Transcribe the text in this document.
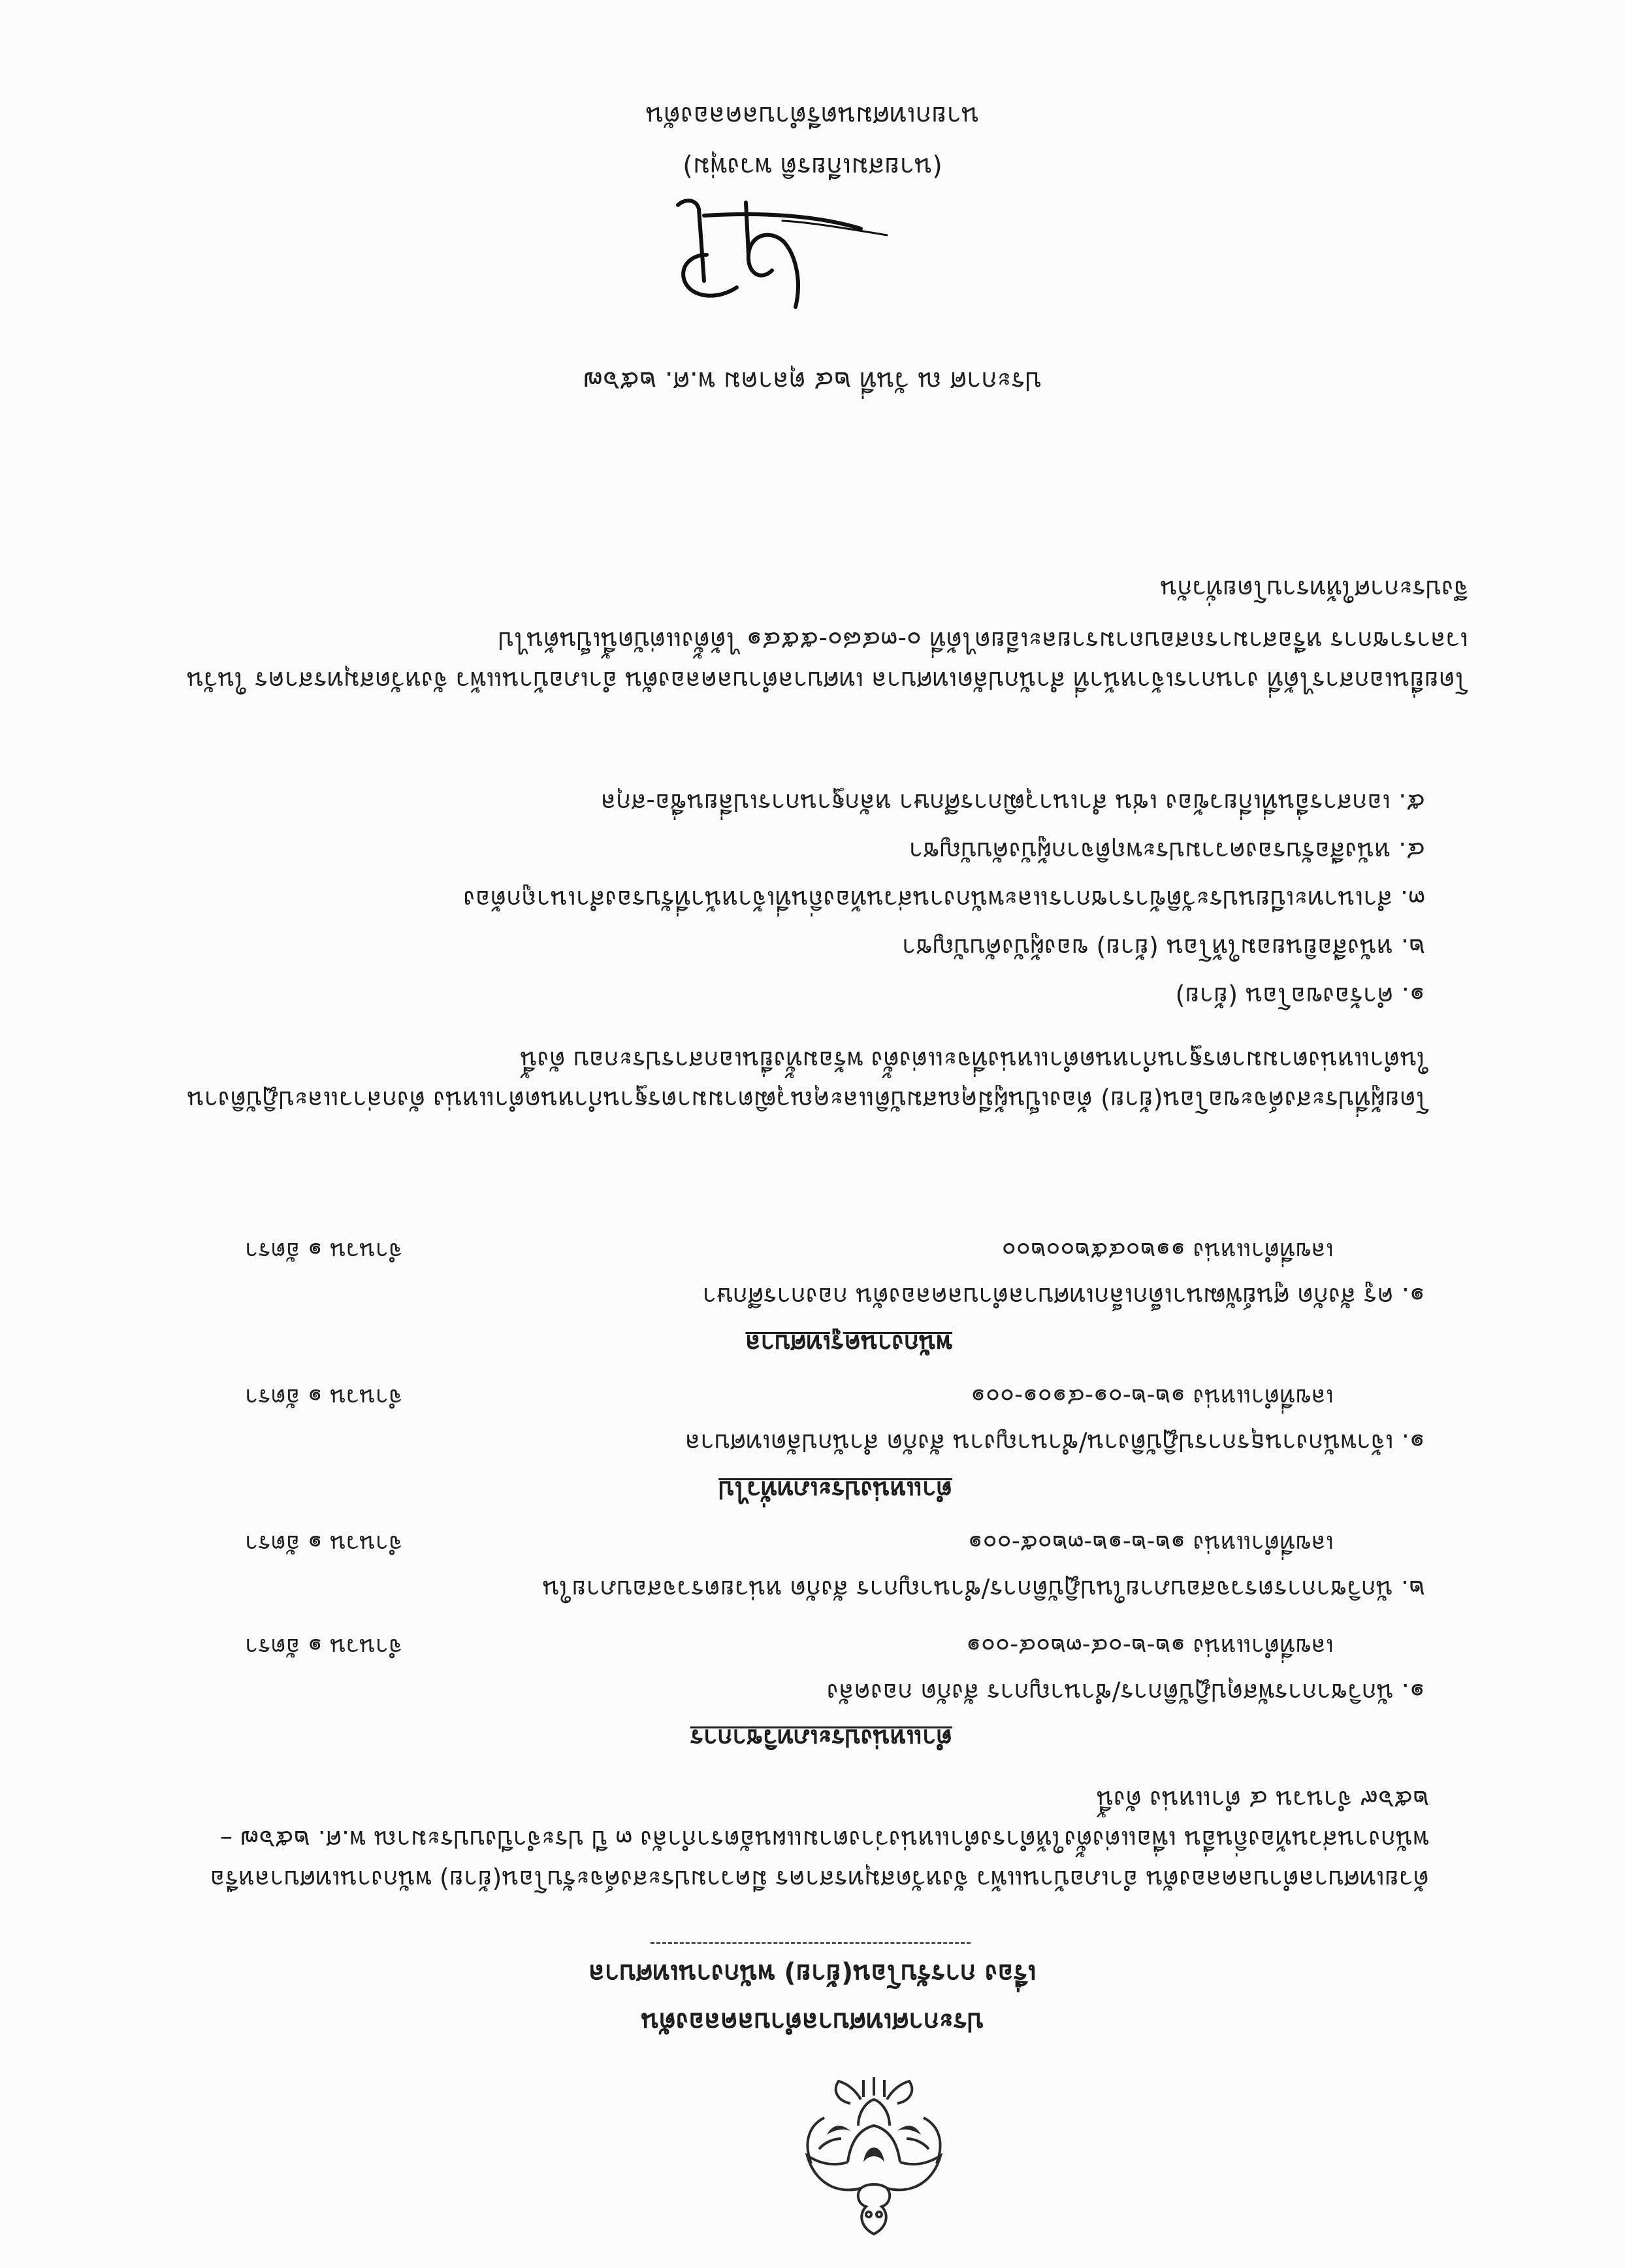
ประกาศเทศบาลตำบลคลองตัน
เรื่อง การรับโอน(ย้าย) พนักงานเทศบาล
ด้วยเทศบาลตำบลคลองตัน อำเภอบ้านแพ้ว จังหวัดสมุทรสาคร มีความประสงค์จะรับโอน(ย้าย) พนักงานเทศบาลหรือพนักงานส่วนท้องถิ่นอื่น เพื่อแต่งตั้งให้ดำรงตำแหน่งว่างตามแผนอัตรากำลัง ๓ ปี ประจำปีงบประมาณ พ.ศ. ๒๕๖๗ – ๒๕๖๙ จำนวน ๔ ตำแหน่ง ดังนี้
ตำแหน่งประเภทวิชาการ
๑. นักวิชาการพัสดุปฏิบัติการ/ชำนาญการ สังกัด กองคลัง
เลขที่ตำแหน่ง ๑๒-๒-๐๔-๓๒๐๔-๐๐๑
จำนวน ๑ อัตรา
๒. นักวิชาการตรวจสอบภายในปฏิบัติการ/ชำนาญการ สังกัด หน่วยตรวจสอบภายใน
เลขที่ตำแหน่ง ๑๒-๒-๑๒-๓๒๐๕-๐๐๑
จำนวน ๑ อัตรา
ตำแหน่งประเภททั่วไป
๑. เจ้าพนักงานธุรการปฏิบัติงาน/ชำนาญงาน สังกัด สำนักปลัดเทศบาล
เลขที่ตำแหน่ง ๑๒-๒-๐๑-๔๑๐๑-๐๐๑
จำนวน ๑ อัตรา
พนักงานครูเทศบาล
๑. ครู สังกัด ศูนย์พัฒนาเด็กเล็กเทศบาลตำบลคลองตัน กองการศึกษา
เลขที่ตำแหน่ง ๑๑๒๐๔๕๒๐๐๒๐๐
จำนวน ๑ อัตรา
โดยผู้ที่ประสงค์จะขอโอน(ย้าย) ต้องเป็นผู้มีคุณสมบัติและคุณวุฒิตามมาตรฐานกำหนดตำแหน่ง ดังกล่าวและปฏิบัติงานในตำแหน่งตามมาตรฐานกำหนดตำแหน่งที่จะแต่งตั้ง พร้อมทั้งยื่นเอกสารประกอบ ดังนี้
๑. คำร้องขอโอน (ย้าย)
๒. หนังสือยินยอมให้โอน (ย้าย) ของผู้บังคับบัญชา
๓. สำเนาทะเบียนประวัติข้าราชการและพนักงานส่วนท้องถิ่นที่เจ้าหน้าที่รับรองสำเนาถูกต้อง
๔. หนังสือรับรองความประพฤติจากผู้บังคับบัญชา
๕. เอกสารอื่นที่เกี่ยวข้อง เช่น สำเนาวุฒิการศึกษา หลักฐานการเปลี่ยนชื่อ-สกุล
โดยยื่นเอกสารได้ที่ งานการเจ้าหน้าที่ สำนักปลัดเทศบาล เทศบาลตำบลคลองตัน อำเภอบ้านแพ้ว จังหวัดสมุทรสาคร ในวัน เวลาราชการ หรือสามารถสอบถามรายละเอียดได้ที่ ๐-๓๔๘๐-๕๕๔๑ ได้ตั้งแต่บัดนี้เป็นต้นไป
จึงประกาศให้ทราบโดยทั่วกัน
ประกาศ ณ วันที่ ๒๔ ตุลาคม พ.ศ. ๒๕๖๗
(นายสมเกียรติ พวงพุ่ม)
นายกเทศมนตรีตำบลคลองตัน
